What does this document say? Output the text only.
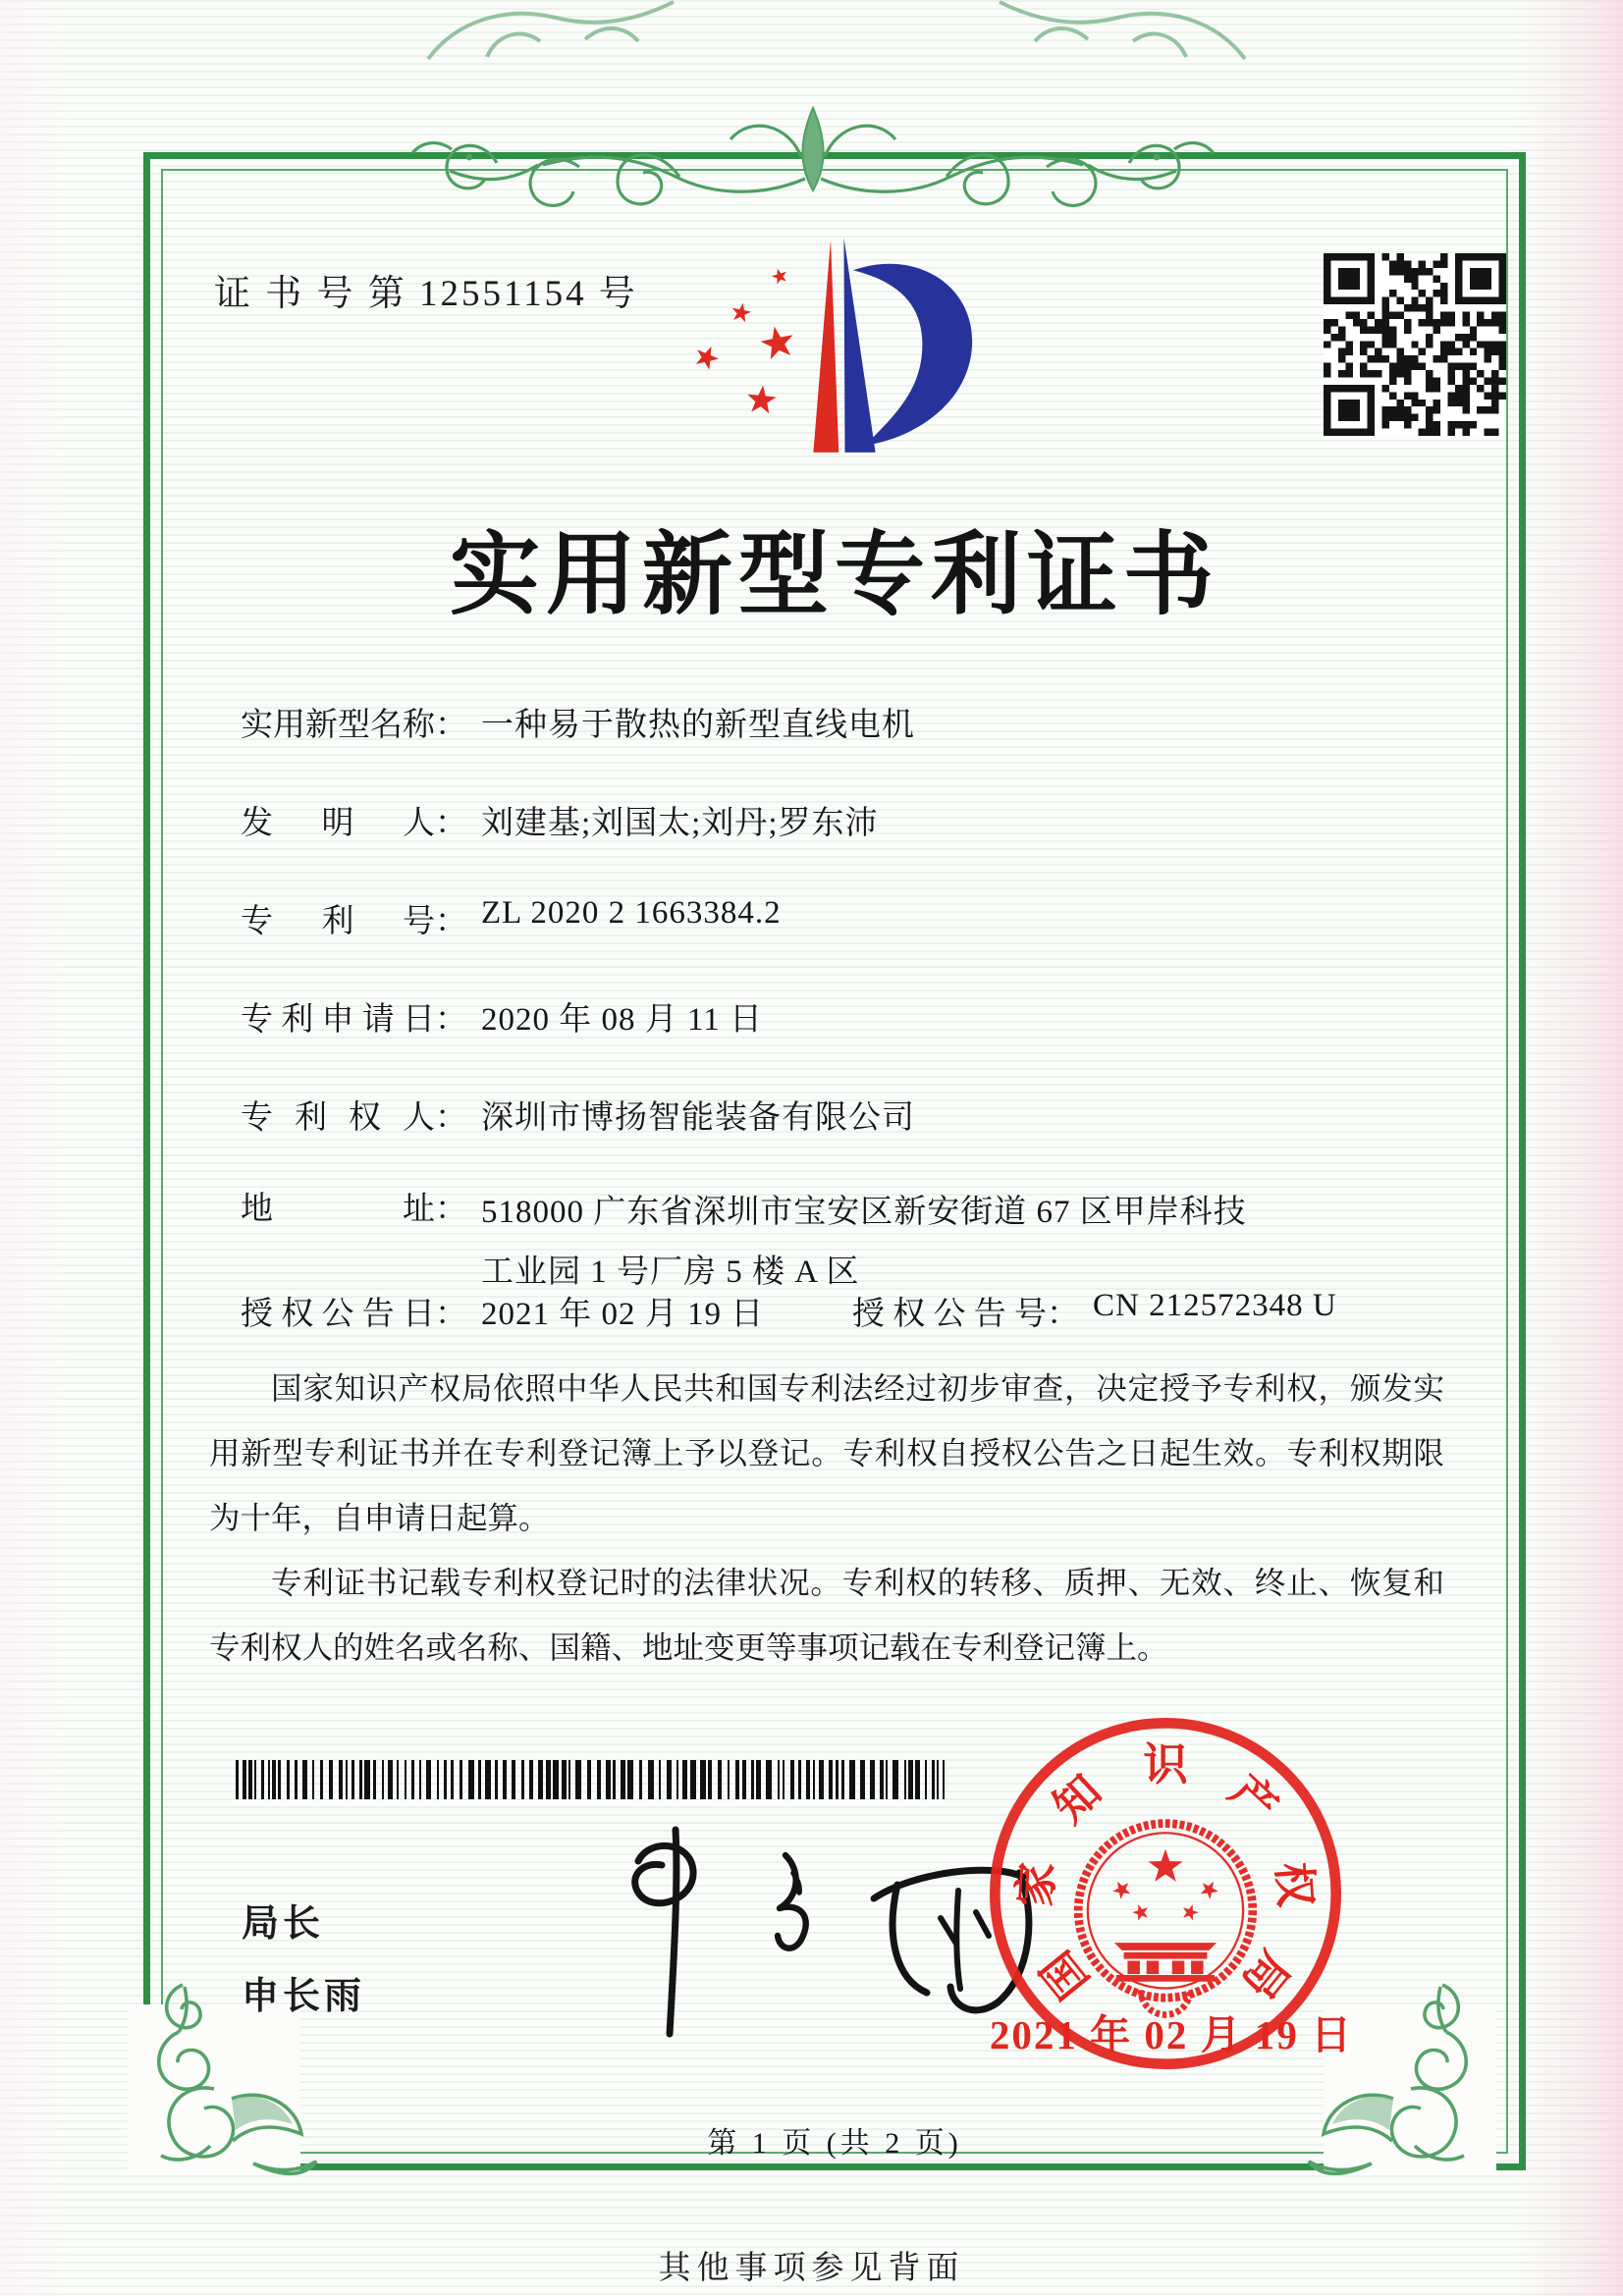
证 书 号 第 12551154 号
实用新型专利证书
实用新型名称： 一种易于散热的新型直线电机
发明人： 刘建基;刘国太;刘丹;罗东沛
专利号： ZL 2020 2 1663384.2
专利申请日： 2020 年 08 月 11 日
专利权人： 深圳市博扬智能装备有限公司
地址： 518000 广东省深圳市宝安区新安街道 67 区甲岸科技工业园 1 号厂房 5 楼 A 区
授权公告日： 2021 年 02 月 19 日	授权公告号： CN 212572348 U

国家知识产权局依照中华人民共和国专利法经过初步审查，决定授予专利权，颁发实用新型专利证书并在专利登记簿上予以登记。专利权自授权公告之日起生效。专利权期限为十年，自申请日起算。

专利证书记载专利权登记时的法律状况。专利权的转移、质押、无效、终止、恢复和专利权人的姓名或名称、国籍、地址变更等事项记载在专利登记簿上。

局长
申长雨	国
家
知
识
产
权
局
2021 年 02 月 19 日
第 1 页 (共 2 页)
其他事项参见背面
